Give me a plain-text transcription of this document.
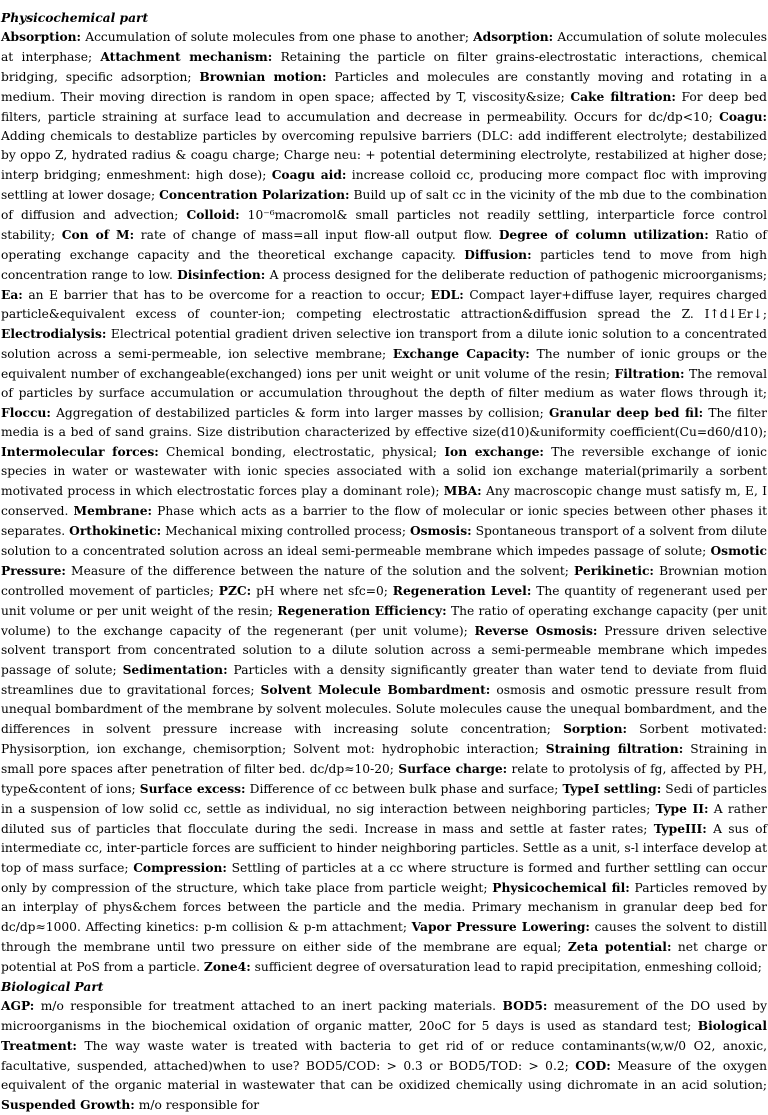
Physicochemical part

Absorption: Accumulation of solute molecules from one phase to another; Adsorption: Accumulation of solute molecules at interphase; Attachment mechanism: Retaining the particle on filter grains-electrostatic interactions, chemical bridging, specific adsorption; Brownian motion: Particles and molecules are constantly moving and rotating in a medium. Their moving direction is random in open space; affected by T, viscosity&size; Cake filtration: For deep bed filters, particle straining at surface lead to accumulation and decrease in permeability. Occurs for dc/dp<10; Coagu: Adding chemicals to destablize particles by overcoming repulsive barriers (DLC: add indifferent electrolyte; destabilized by oppo Z, hydrated radius & coagu charge; Charge neu: + potential determining electrolyte, restabilized at higher dose; interp bridging; enmeshment: high dose); Coagu aid: increase colloid cc, producing more compact floc with improving settling at lower dosage; Concentration Polarization: Build up of salt cc in the vicinity of the mb due to the combination of diffusion and advection; Colloid: 10⁻⁶macromol& small particles not readily settling, interparticle force control stability; Con of M: rate of change of mass=all input flow-all output flow. Degree of column utilization: Ratio of operating exchange capacity and the theoretical exchange capacity. Diffusion: particles tend to move from high concentration range to low. Disinfection: A process designed for the deliberate reduction of pathogenic microorganisms; Ea: an E barrier that has to be overcome for a reaction to occur; EDL: Compact layer+diffuse layer, requires charged particle&equivalent excess of counter-ion; competing electrostatic attraction&diffusion spread the Z. I↑d↓Er↓; Electrodialysis: Electrical potential gradient driven selective ion transport from a dilute ionic solution to a concentrated solution across a semi-permeable, ion selective membrane; Exchange Capacity: The number of ionic groups or the equivalent number of exchangeable(exchanged) ions per unit weight or unit volume of the resin; Filtration: The removal of particles by surface accumulation or accumulation throughout the depth of filter medium as water flows through it; Floccu: Aggregation of destabilized particles & form into larger masses by collision; Granular deep bed fil: The filter media is a bed of sand grains. Size distribution characterized by effective size(d10)&uniformity coefficient(Cu=d60/d10); Intermolecular forces: Chemical bonding, electrostatic, physical; Ion exchange: The reversible exchange of ionic species in water or wastewater with ionic species associated with a solid ion exchange material(primarily a sorbent motivated process in which electrostatic forces play a dominant role); MBA: Any macroscopic change must satisfy m, E, I conserved. Membrane: Phase which acts as a barrier to the flow of molecular or ionic species between other phases it separates. Orthokinetic: Mechanical mixing controlled process; Osmosis: Spontaneous transport of a solvent from dilute solution to a concentrated solution across an ideal semi-permeable membrane which impedes passage of solute; Osmotic Pressure: Measure of the difference between the nature of the solution and the solvent; Perikinetic: Brownian motion controlled movement of particles; PZC: pH where net sfc=0; Regeneration Level: The quantity of regenerant used per unit volume or per unit weight of the resin; Regeneration Efficiency: The ratio of operating exchange capacity (per unit volume) to the exchange capacity of the regenerant (per unit volume); Reverse Osmosis: Pressure driven selective solvent transport from concentrated solution to a dilute solution across a semi-permeable membrane which impedes passage of solute; Sedimentation: Particles with a density significantly greater than water tend to deviate from fluid streamlines due to gravitational forces; Solvent Molecule Bombardment: osmosis and osmotic pressure result from unequal bombardment of the membrane by solvent molecules. Solute molecules cause the unequal bombardment, and the differences in solvent pressure increase with increasing solute concentration; Sorption: Sorbent motivated: Physisorption, ion exchange, chemisorption; Solvent mot: hydrophobic interaction; Straining filtration: Straining in small pore spaces after penetration of filter bed. dc/dp≈10-20; Surface charge: relate to protolysis of fg, affected by PH, type&content of ions; Surface excess: Difference of cc between bulk phase and surface; TypeI settling: Sedi of particles in a suspension of low solid cc, settle as individual, no sig interaction between neighboring particles; Type II: A rather diluted sus of particles that flocculate during the sedi. Increase in mass and settle at faster rates; TypeIII: A sus of intermediate cc, inter-particle forces are sufficient to hinder neighboring particles. Settle as a unit, s-l interface develop at top of mass surface; Compression: Settling of particles at a cc where structure is formed and further settling can occur only by compression of the structure, which take place from particle weight; Physicochemical fil: Particles removed by an interplay of phys&chem forces between the particle and the media. Primary mechanism in granular deep bed for dc/dp≈1000. Affecting kinetics: p-m collision & p-m attachment; Vapor Pressure Lowering: causes the solvent to distill through the membrane until two pressure on either side of the membrane are equal; Zeta potential: net charge or potential at PoS from a particle. Zone4: sufficient degree of oversaturation lead to rapid precipitation, enmeshing colloid;

Biological Part

AGP: m/o responsible for treatment attached to an inert packing materials. BOD5: measurement of the DO used by microorganisms in the biochemical oxidation of organic matter, 20oC for 5 days is used as standard test; Biological Treatment: The way waste water is treated with bacteria to get rid of or reduce contaminants(w,w/0 O2, anoxic, facultative, suspended, attached)when to use? BOD5/COD: > 0.3 or BOD5/TOD: > 0.2; COD: Measure of the oxygen equivalent of the organic material in wastewater that can be oxidized chemically using dichromate in an acid solution; Suspended Growth: m/o responsible for
